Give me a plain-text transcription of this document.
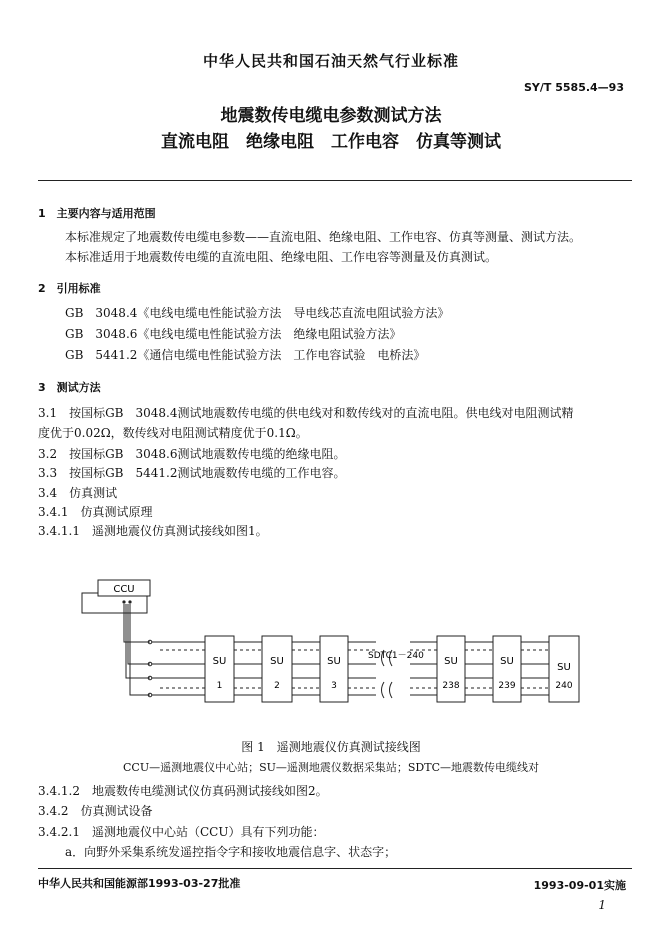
中华人民共和国石油天然气行业标准
SY/T 5585.4—93
地震数传电缆电参数测试方法
直流电阻　绝缘电阻　工作电容　仿真等测试
1　主要内容与适用范围
本标准规定了地震数传电缆电参数——直流电阻、绝缘电阻、工作电容、仿真等测量、测试方法。
本标准适用于地震数传电缆的直流电阻、绝缘电阻、工作电容等测量及仿真测试。
2　引用标准
GB　3048.4《电线电缆电性能试验方法　导电线芯直流电阻试验方法》
GB　3048.6《电线电缆电性能试验方法　绝缘电阻试验方法》
GB　5441.2《通信电缆电性能试验方法　工作电容试验　电桥法》
3　测试方法
3.1　按国标GB　3048.4测试地震数传电缆的供电线对和数传线对的直流电阻。供电线对电阻测试精
度优于0.02Ω，数传线对电阻测试精度优于0.1Ω。
3.2　按国标GB　3048.6测试地震数传电缆的绝缘电阻。
3.3　按国标GB　5441.2测试地震数传电缆的工作电容。
3.4　仿真测试
3.4.1　仿真测试原理
3.4.1.1　遥测地震仪仿真测试接线如图1。
CCU
SDTC1－240
SU
1
SU
2
SU
3
SU
238
SU
239
SU
240
图 1　遥测地震仪仿真测试接线图
CCU—遥测地震仪中心站；SU—遥测地震仪数据采集站；SDTC—地震数传电缆线对
3.4.1.2　地震数传电缆测试仪仿真码测试接线如图2。
3.4.2　仿真测试设备
3.4.2.1　遥测地震仪中心站（CCU）具有下列功能：
a．向野外采集系统发遥控指令字和接收地震信息字、状态字；
中华人民共和国能源部1993-03-27批准	1993-09-01实施
1
